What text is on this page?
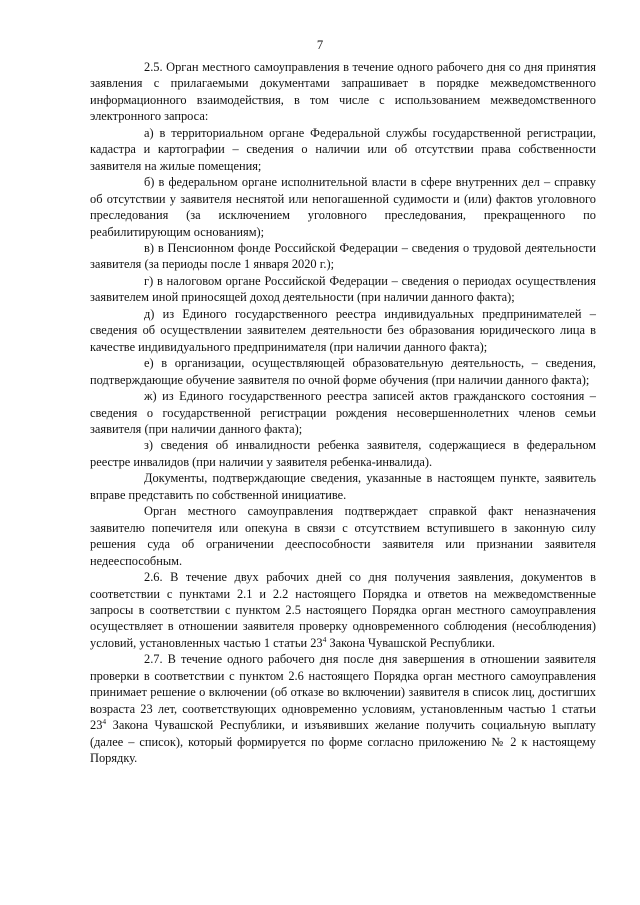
7

2.5. Орган местного самоуправления в течение одного рабочего дня со дня принятия заявления с прилагаемыми документами запрашивает в порядке межведомственного информационного взаимодействия, в том числе с использованием межведомственного электронного запроса:

а) в территориальном органе Федеральной службы государственной регистрации, кадастра и картографии – сведения о наличии или об отсутствии права собственности заявителя на жилые помещения;

б) в федеральном органе исполнительной власти в сфере внутренних дел – справку об отсутствии у заявителя неснятой или непогашенной судимости и (или) фактов уголовного преследования (за исключением уголовного преследования, прекращенного по реабилитирующим основаниям);

в) в Пенсионном фонде Российской Федерации – сведения о трудовой деятельности заявителя (за периоды после 1 января 2020 г.);

г) в налоговом органе Российской Федерации – сведения о периодах осуществления заявителем иной приносящей доход деятельности (при наличии данного факта);

д) из Единого государственного реестра индивидуальных предпринимателей – сведения об осуществлении заявителем деятельности без образования юридического лица в качестве индивидуального предпринимателя (при наличии данного факта);

е) в организации, осуществляющей образовательную деятельность, – сведения, подтверждающие обучение заявителя по очной форме обучения (при наличии данного факта);

ж) из Единого государственного реестра записей актов гражданского состояния – сведения о государственной регистрации рождения несовершеннолетних членов семьи заявителя (при наличии данного факта);

з) сведения об инвалидности ребенка заявителя, содержащиеся в федеральном реестре инвалидов (при наличии у заявителя ребенка-инвалида).

Документы, подтверждающие сведения, указанные в настоящем пункте, заявитель вправе представить по собственной инициативе.

Орган местного самоуправления подтверждает справкой факт неназначения заявителю попечителя или опекуна в связи с отсутствием вступившего в законную силу решения суда об ограничении дееспособности заявителя или признании заявителя недееспособным.

2.6. В течение двух рабочих дней со дня получения заявления, документов в соответствии с пунктами 2.1 и 2.2 настоящего Порядка и ответов на межведомственные запросы в соответствии с пунктом 2.5 настоящего Порядка орган местного самоуправления осуществляет в отношении заявителя проверку одновременного соблюдения (несоблюдения) условий, установленных частью 1 статьи $23^4$ Закона Чувашской Республики.

2.7. В течение одного рабочего дня после дня завершения в отношении заявителя проверки в соответствии с пунктом 2.6 настоящего Порядка орган местного самоуправления принимает решение о включении (об отказе во включении) заявителя в список лиц, достигших возраста 23 лет, соответствующих одновременно условиям, установленным частью 1 статьи $23^4$ Закона Чувашской Республики, и изъявивших желание получить социальную выплату (далее – список), который формируется по форме согласно приложению № 2 к настоящему Порядку.
